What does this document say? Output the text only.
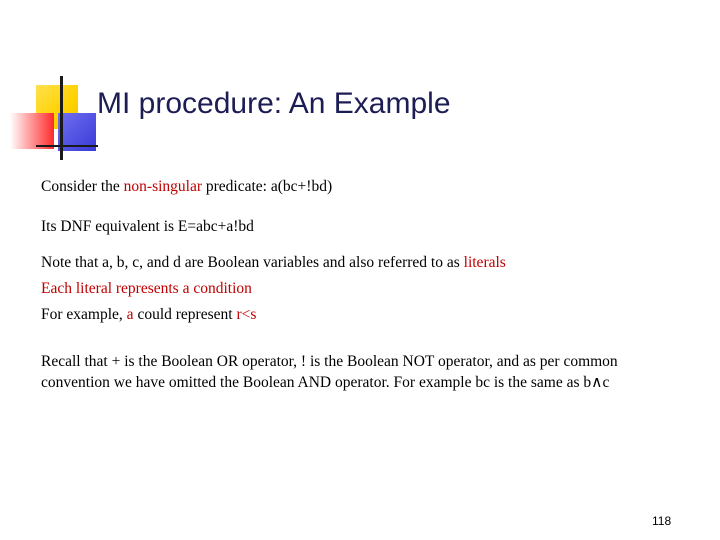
MI procedure: An Example

Consider the non-singular predicate: a(bc+!bd)

Its DNF equivalent is E=abc+a!bd

Note that a, b, c, and d are Boolean variables and also referred to as literals

Each literal represents a condition

For example, a could represent r<s

Recall that + is the Boolean OR operator, ! is the Boolean NOT operator, and as per common convention we have omitted the Boolean AND operator. For example bc is the same as b∧c

118
